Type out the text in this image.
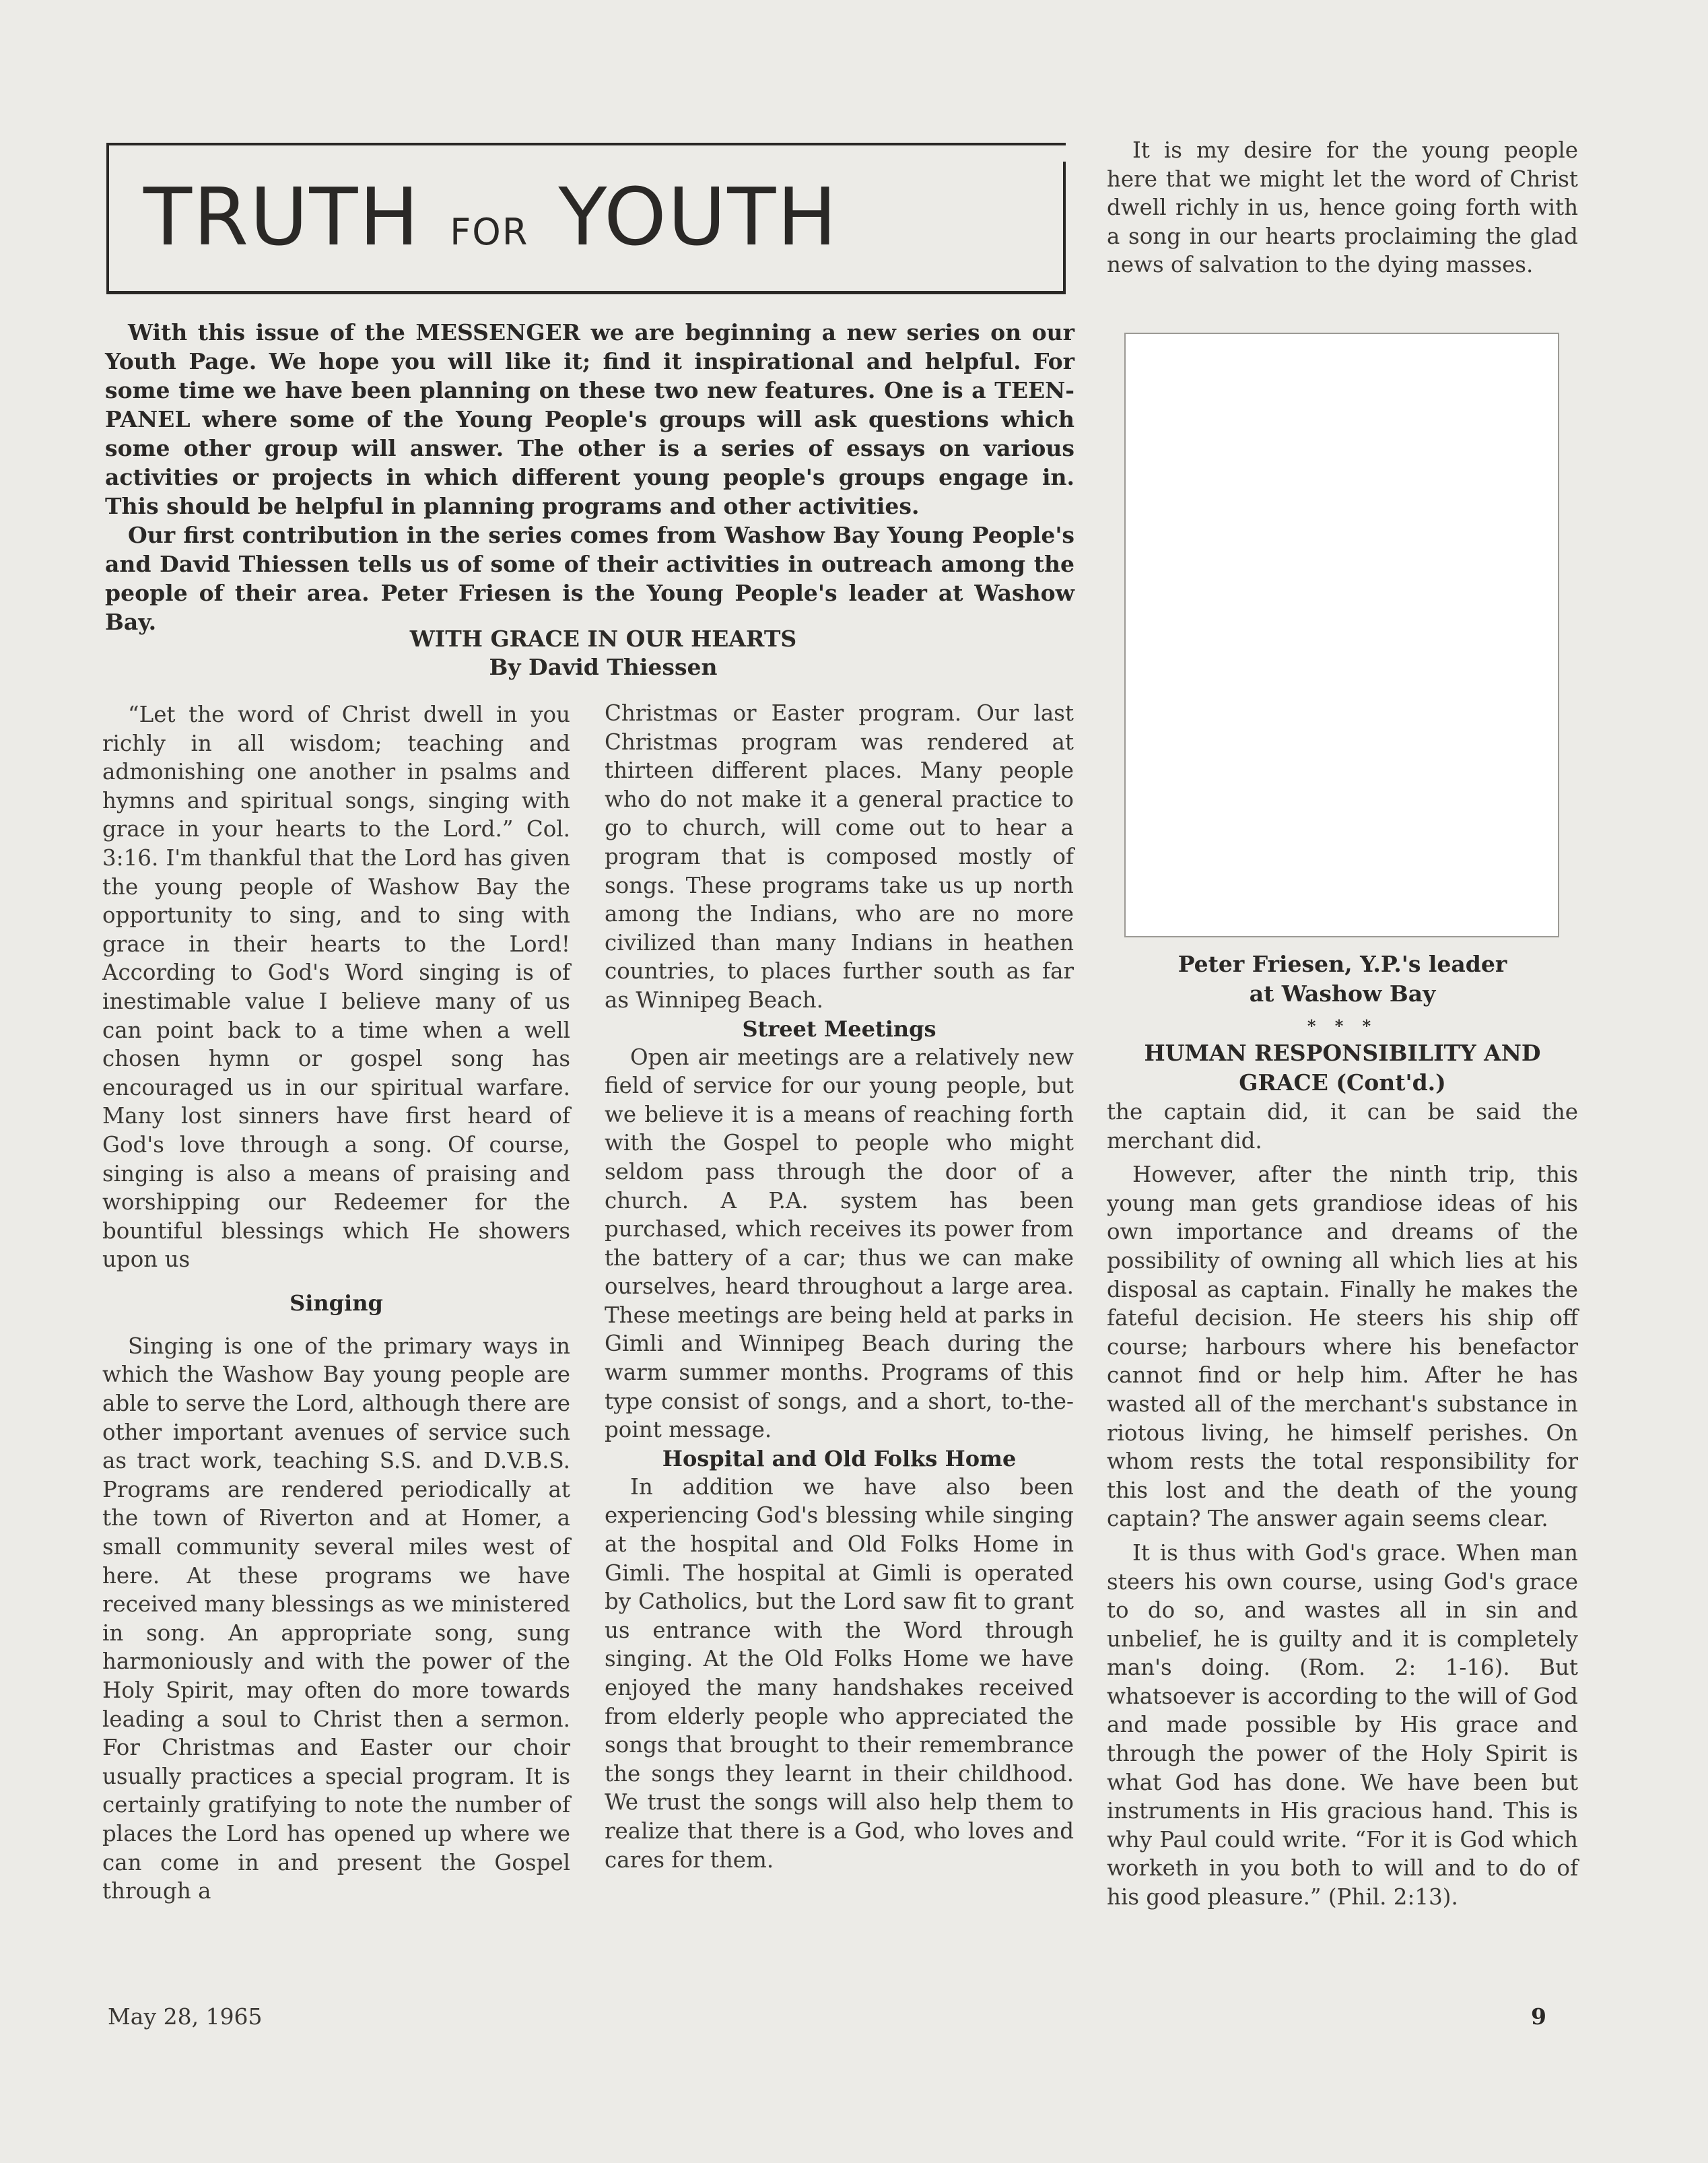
TRUTH FOR YOUTH

With this issue of the MESSENGER we are beginning a new series on our Youth Page. We hope you will like it; find it inspirational and helpful. For some time we have been planning on these two new features. One is a TEEN-PANEL where some of the Young People's groups will ask questions which some other group will answer. The other is a series of essays on various activities or projects in which different young people's groups engage in. This should be helpful in planning programs and other activities.

Our first contribution in the series comes from Washow Bay Young People's and David Thiessen tells us of some of their activities in outreach among the people of their area. Peter Friesen is the Young People's leader at Washow Bay.

WITH GRACE IN OUR HEARTS
By David Thiessen

“Let the word of Christ dwell in you richly in all wisdom; teaching and admonishing one another in psalms and hymns and spiritual songs, singing with grace in your hearts to the Lord.” Col. 3:16. I'm thankful that the Lord has given the young people of Washow Bay the opportunity to sing, and to sing with grace in their hearts to the Lord! According to God's Word singing is of inestimable value I believe many of us can point back to a time when a well chosen hymn or gospel song has encouraged us in our spiritual warfare. Many lost sinners have first heard of God's love through a song. Of course, singing is also a means of praising and worshipping our Redeemer for the bountiful blessings which He showers upon us

Singing

Singing is one of the primary ways in which the Washow Bay young people are able to serve the Lord, although there are other important avenues of service such as tract work, teaching S.S. and D.V.B.S. Programs are rendered periodically at the town of Riverton and at Homer, a small community several miles west of here. At these programs we have received many blessings as we ministered in song. An appropriate song, sung harmoniously and with the power of the Holy Spirit, may often do more towards leading a soul to Christ then a sermon. For Christmas and Easter our choir usually practices a special program. It is certainly gratifying to note the number of places the Lord has opened up where we can come in and present the Gospel through a

Christmas or Easter program. Our last Christmas program was rendered at thirteen different places. Many people who do not make it a general practice to go to church, will come out to hear a program that is composed mostly of songs. These programs take us up north among the Indians, who are no more civilized than many Indians in heathen countries, to places further south as far as Winnipeg Beach.

Street Meetings

Open air meetings are a relatively new field of service for our young people, but we believe it is a means of reaching forth with the Gospel to people who might seldom pass through the door of a church. A P.A. system has been purchased, which receives its power from the battery of a car; thus we can make ourselves, heard throughout a large area. These meetings are being held at parks in Gimli and Winnipeg Beach during the warm summer months. Programs of this type consist of songs, and a short, to-the-point message.

Hospital and Old Folks Home

In addition we have also been experiencing God's blessing while singing at the hospital and Old Folks Home in Gimli. The hospital at Gimli is operated by Catholics, but the Lord saw fit to grant us entrance with the Word through singing. At the Old Folks Home we have enjoyed the many handshakes received from elderly people who appreciated the songs that brought to their remembrance the songs they learnt in their childhood. We trust the songs will also help them to realize that there is a God, who loves and cares for them.

It is my desire for the young people here that we might let the word of Christ dwell richly in us, hence going forth with a song in our hearts proclaiming the glad news of salvation to the dying masses.

Peter Friesen, Y.P.'s leader
at Washow Bay
* * *
HUMAN RESPONSIBILITY AND
GRACE (Cont'd.)

the captain did, it can be said the merchant did.

However, after the ninth trip, this young man gets grandiose ideas of his own importance and dreams of the possibility of owning all which lies at his disposal as captain. Finally he makes the fateful decision. He steers his ship off course; harbours where his benefactor cannot find or help him. After he has wasted all of the merchant's substance in riotous living, he himself perishes. On whom rests the total responsibility for this lost and the death of the young captain? The answer again seems clear.

It is thus with God's grace. When man steers his own course, using God's grace to do so, and wastes all in sin and unbelief, he is guilty and it is completely man's doing. (Rom. 2: 1-16). But whatsoever is according to the will of God and made possible by His grace and through the power of the Holy Spirit is what God has done. We have been but instruments in His gracious hand. This is why Paul could write. “For it is God which worketh in you both to will and to do of his good pleasure.” (Phil. 2:13).

May 28, 1965	9
